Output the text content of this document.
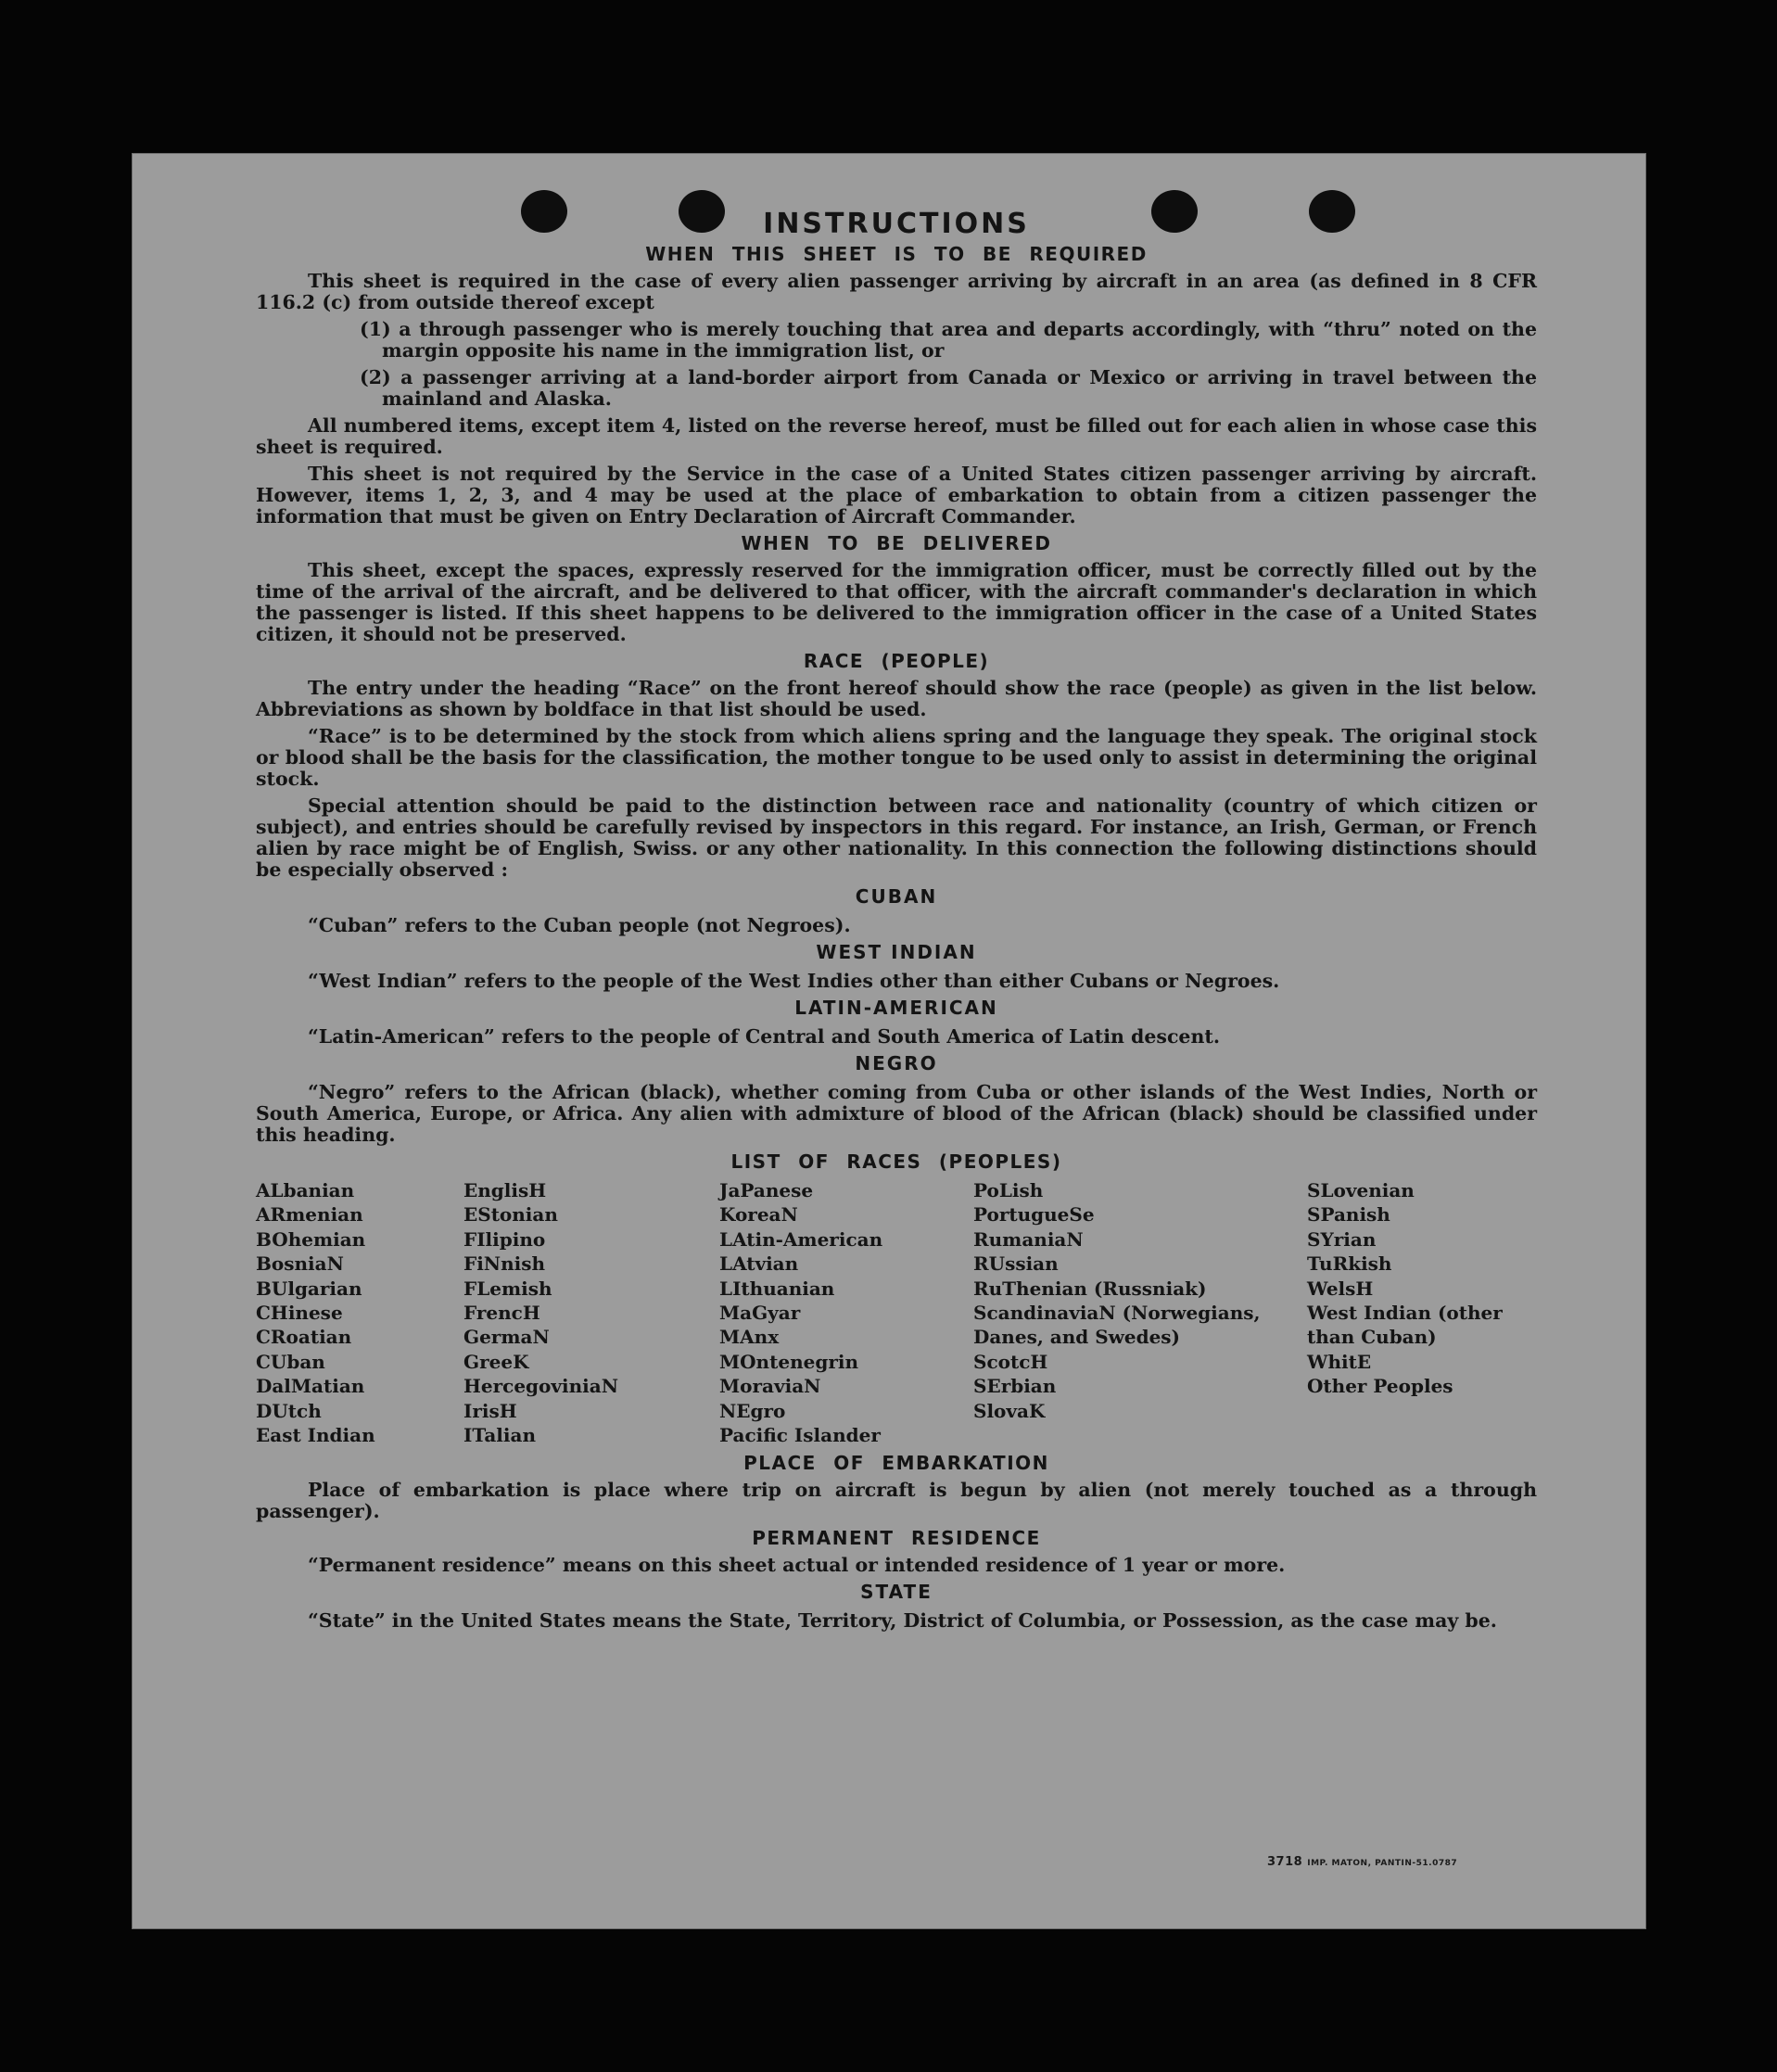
INSTRUCTIONS
WHEN THIS SHEET IS TO BE REQUIRED

This sheet is required in the case of every alien passenger arriving by aircraft in an area (as defined in 8 CFR 116.2 (c) from outside thereof except

(1) a through passenger who is merely touching that area and departs accordingly, with “thru” noted on the margin opposite his name in the immigration list, or
(2) a passenger arriving at a land-border airport from Canada or Mexico or arriving in travel between the mainland and Alaska.

All numbered items, except item 4, listed on the reverse hereof, must be filled out for each alien in whose case this sheet is required.

This sheet is not required by the Service in the case of a United States citizen passenger arriving by aircraft. However, items 1, 2, 3, and 4 may be used at the place of embarkation to obtain from a citizen passenger the information that must be given on Entry Declaration of Aircraft Commander.

WHEN TO BE DELIVERED

This sheet, except the spaces, expressly reserved for the immigration officer, must be correctly filled out by the time of the arrival of the aircraft, and be delivered to that officer, with the aircraft commander's declaration in which the passenger is listed. If this sheet happens to be delivered to the immigration officer in the case of a United States citizen, it should not be preserved.

RACE (PEOPLE)

The entry under the heading “Race” on the front hereof should show the race (people) as given in the list below. Abbreviations as shown by boldface in that list should be used.

“Race” is to be determined by the stock from which aliens spring and the language they speak. The original stock or blood shall be the basis for the classification, the mother tongue to be used only to assist in determining the original stock.

Special attention should be paid to the distinction between race and nationality (country of which citizen or subject), and entries should be carefully revised by inspectors in this regard. For instance, an Irish, German, or French alien by race might be of English, Swiss. or any other nationality. In this connection the following distinctions should be especially observed :

CUBAN

“Cuban” refers to the Cuban people (not Negroes).

WEST INDIAN

“West Indian” refers to the people of the West Indies other than either Cubans or Negroes.

LATIN-AMERICAN

“Latin-American” refers to the people of Central and South America of Latin descent.

NEGRO

“Negro” refers to the African (black), whether coming from Cuba or other islands of the West Indies, North or South America, Europe, or Africa. Any alien with admixture of blood of the African (black) should be classified under this heading.

LIST OF RACES (PEOPLES)
ALbanian
ARmenian
BOhemian
BosniaN
BUlgarian
CHinese
CRoatian
CUban
DalMatian
DUtch
East Indian
EnglisH
EStonian
FIlipino
FiNnish
FLemish
FrencH
GermaN
GreeK
HercegoviniaN
IrisH
ITalian
JaPanese
KoreaN
LAtin-American
LAtvian
LIthuanian
MaGyar
MAnx
MOntenegrin
MoraviaN
NEgro
Pacific Islander
PoLish
PortugueSe
RumaniaN
RUssian
RuThenian (Russniak)
ScandinaviaN (Norwegians, Danes, and Swedes)
ScotcH
SErbian
SlovaK
SLovenian
SPanish
SYrian
TuRkish
WelsH
West Indian (other than Cuban)
WhitE
Other Peoples
PLACE OF EMBARKATION

Place of embarkation is place where trip on aircraft is begun by alien (not merely touched as a through passenger).

PERMANENT RESIDENCE

“Permanent residence” means on this sheet actual or intended residence of 1 year or more.

STATE

“State” in the United States means the State, Territory, District of Columbia, or Possession, as the case may be.

3718 IMP. MATON, PANTIN-51.0787
